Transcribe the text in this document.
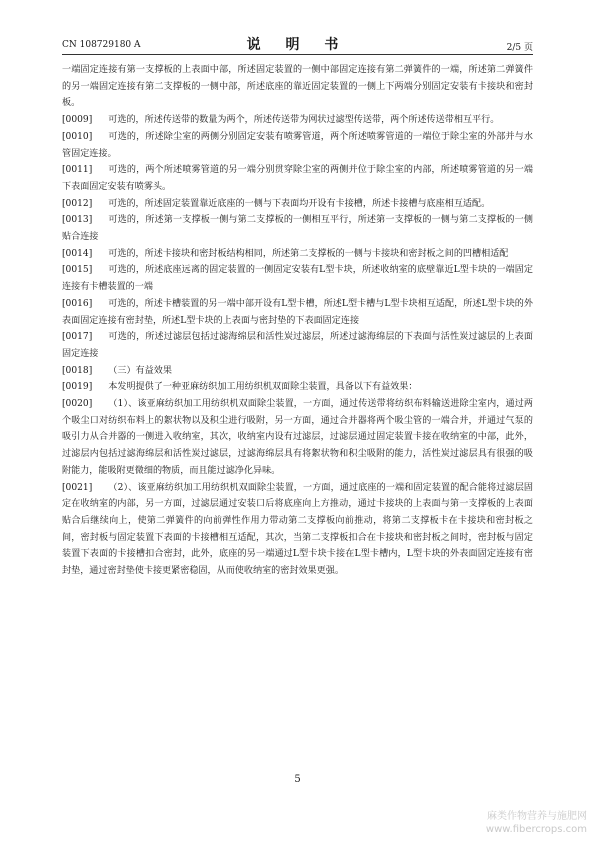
CN 108729180 A	说 明 书	2/5 页

一端固定连接有第一支撑板的上表面中部，所述固定装置的一侧中部固定连接有第二弹簧件的一端，所述第二弹簧件的另一端固定连接有第二支撑板的一侧中部，所述底座的靠近固定装置的一侧上下两端分别固定安装有卡接块和密封板。

[0009] 可选的，所述传送带的数量为两个，所述传送带为网状过滤型传送带，两个所述传送带相互平行。

[0010] 可选的，所述除尘室的两侧分别固定安装有喷雾管道，两个所述喷雾管道的一端位于除尘室的外部并与水管固定连接。

[0011] 可选的，两个所述喷雾管道的另一端分别贯穿除尘室的两侧并位于除尘室的内部，所述喷雾管道的另一端下表面固定安装有喷雾头。

[0012] 可选的，所述固定装置靠近底座的一侧与下表面均开设有卡接槽，所述卡接槽与底座相互适配。

[0013] 可选的，所述第一支撑板一侧与第二支撑板的一侧相互平行，所述第一支撑板的一侧与第二支撑板的一侧贴合连接

[0014] 可选的，所述卡接块和密封板结构相同，所述第二支撑板的一侧与卡接块和密封板之间的凹槽相适配

[0015] 可选的，所述底座远离的固定装置的一侧固定安装有L型卡块，所述收纳室的底壁靠近L型卡块的一端固定连接有卡槽装置的一端

[0016] 可选的，所述卡槽装置的另一端中部开设有L型卡槽，所述L型卡槽与L型卡块相互适配，所述L型卡块的外表面固定连接有密封垫，所述L型卡块的上表面与密封垫的下表面固定连接

[0017] 可选的，所述过滤层包括过滤海绵层和活性炭过滤层，所述过滤海绵层的下表面与活性炭过滤层的上表面固定连接

[0018] （三）有益效果

[0019] 本发明提供了一种亚麻纺织加工用纺织机双面除尘装置，具备以下有益效果：

[0020] （1）、该亚麻纺织加工用纺织机双面除尘装置，一方面，通过传送带将纺织布料输送进除尘室内，通过两个吸尘口对纺织布料上的絮状物以及积尘进行吸附，另一方面，通过合并器将两个吸尘管的一端合并，并通过气泵的吸引力从合并器的一侧进入收纳室，其次，收纳室内设有过滤层，过滤层通过固定装置卡接在收纳室的中部，此外，过滤层内包括过滤海绵层和活性炭过滤层，过滤海绵层具有将絮状物和积尘吸附的能力，活性炭过滤层具有很强的吸附能力，能吸附更微细的物质，而且能过滤净化异味。

[0021] （2）、该亚麻纺织加工用纺织机双面除尘装置，一方面，通过底座的一端和固定装置的配合能将过滤层固定在收纳室的内部，另一方面，过滤层通过安装口后将底座向上方推动，通过卡接块的上表面与第一支撑板的上表面贴合后继续向上，使第二弹簧件的向前弹性作用力带动第二支撑板向前推动，将第二支撑板卡在卡接块和密封板之间，密封板与固定装置下表面的卡接槽相互适配，其次，当第二支撑板扣合在卡接块和密封板之间时，密封板与固定装置下表面的卡接槽扣合密封，此外，底座的另一端通过L型卡块卡接在L型卡槽内，L型卡块的外表面固定连接有密封垫，通过密封垫使卡接更紧密稳固，从而使收纳室的密封效果更强。

5
麻类作物营养与施肥网
www.fibercrops.com
